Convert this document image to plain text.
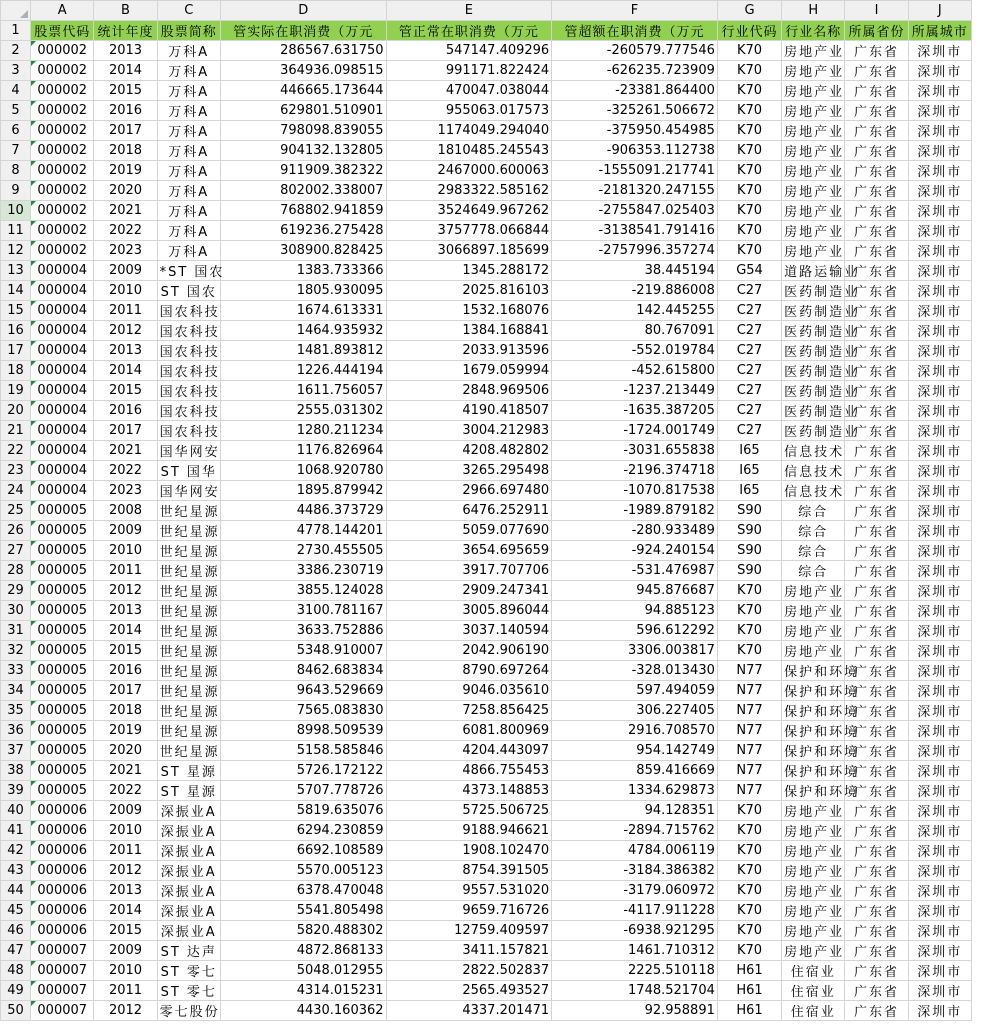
	A	B	C	D	E	F	G	H	I	J
1	股票代码	统计年度	股票简称	管实际在职消费（万元	管正常在职消费（万元	管超额在职消费（万元	行业代码	行业名称	所属省份	所属城市
2	000002	2013	万科A	286567.631750	547147.409296	-260579.777546	K70	房地产业	广东省	深圳市
3	000002	2014	万科A	364936.098515	991171.822424	-626235.723909	K70	房地产业	广东省	深圳市
4	000002	2015	万科A	446665.173644	470047.038044	-23381.864400	K70	房地产业	广东省	深圳市
5	000002	2016	万科A	629801.510901	955063.017573	-325261.506672	K70	房地产业	广东省	深圳市
6	000002	2017	万科A	798098.839055	1174049.294040	-375950.454985	K70	房地产业	广东省	深圳市
7	000002	2018	万科A	904132.132805	1810485.245543	-906353.112738	K70	房地产业	广东省	深圳市
8	000002	2019	万科A	911909.382322	2467000.600063	-1555091.217741	K70	房地产业	广东省	深圳市
9	000002	2020	万科A	802002.338007	2983322.585162	-2181320.247155	K70	房地产业	广东省	深圳市
10	000002	2021	万科A	768802.941859	3524649.967262	-2755847.025403	K70	房地产业	广东省	深圳市
11	000002	2022	万科A	619236.275428	3757778.066844	-3138541.791416	K70	房地产业	广东省	深圳市
12	000002	2023	万科A	308900.828425	3066897.185699	-2757996.357274	K70	房地产业	广东省	深圳市
13	000004	2009	*ST 国农	1383.733366	1345.288172	38.445194	G54	道路运输业	广东省	深圳市
14	000004	2010	ST 国农	1805.930095	2025.816103	-219.886008	C27	医药制造业	广东省	深圳市
15	000004	2011	国农科技	1674.613331	1532.168076	142.445255	C27	医药制造业	广东省	深圳市
16	000004	2012	国农科技	1464.935932	1384.168841	80.767091	C27	医药制造业	广东省	深圳市
17	000004	2013	国农科技	1481.893812	2033.913596	-552.019784	C27	医药制造业	广东省	深圳市
18	000004	2014	国农科技	1226.444194	1679.059994	-452.615800	C27	医药制造业	广东省	深圳市
19	000004	2015	国农科技	1611.756057	2848.969506	-1237.213449	C27	医药制造业	广东省	深圳市
20	000004	2016	国农科技	2555.031302	4190.418507	-1635.387205	C27	医药制造业	广东省	深圳市
21	000004	2017	国农科技	1280.211234	3004.212983	-1724.001749	C27	医药制造业	广东省	深圳市
22	000004	2021	国华网安	1176.826964	4208.482802	-3031.655838	I65	信息技术	广东省	深圳市
23	000004	2022	ST 国华	1068.920780	3265.295498	-2196.374718	I65	信息技术	广东省	深圳市
24	000004	2023	国华网安	1895.879942	2966.697480	-1070.817538	I65	信息技术	广东省	深圳市
25	000005	2008	世纪星源	4486.373729	6476.252911	-1989.879182	S90	综合	广东省	深圳市
26	000005	2009	世纪星源	4778.144201	5059.077690	-280.933489	S90	综合	广东省	深圳市
27	000005	2010	世纪星源	2730.455505	3654.695659	-924.240154	S90	综合	广东省	深圳市
28	000005	2011	世纪星源	3386.230719	3917.707706	-531.476987	S90	综合	广东省	深圳市
29	000005	2012	世纪星源	3855.124028	2909.247341	945.876687	K70	房地产业	广东省	深圳市
30	000005	2013	世纪星源	3100.781167	3005.896044	94.885123	K70	房地产业	广东省	深圳市
31	000005	2014	世纪星源	3633.752886	3037.140594	596.612292	K70	房地产业	广东省	深圳市
32	000005	2015	世纪星源	5348.910007	2042.906190	3306.003817	K70	房地产业	广东省	深圳市
33	000005	2016	世纪星源	8462.683834	8790.697264	-328.013430	N77	保护和环境	广东省	深圳市
34	000005	2017	世纪星源	9643.529669	9046.035610	597.494059	N77	保护和环境	广东省	深圳市
35	000005	2018	世纪星源	7565.083830	7258.856425	306.227405	N77	保护和环境	广东省	深圳市
36	000005	2019	世纪星源	8998.509539	6081.800969	2916.708570	N77	保护和环境	广东省	深圳市
37	000005	2020	世纪星源	5158.585846	4204.443097	954.142749	N77	保护和环境	广东省	深圳市
38	000005	2021	ST 星源	5726.172122	4866.755453	859.416669	N77	保护和环境	广东省	深圳市
39	000005	2022	ST 星源	5707.778726	4373.148853	1334.629873	N77	保护和环境	广东省	深圳市
40	000006	2009	深振业A	5819.635076	5725.506725	94.128351	K70	房地产业	广东省	深圳市
41	000006	2010	深振业A	6294.230859	9188.946621	-2894.715762	K70	房地产业	广东省	深圳市
42	000006	2011	深振业A	6692.108589	1908.102470	4784.006119	K70	房地产业	广东省	深圳市
43	000006	2012	深振业A	5570.005123	8754.391505	-3184.386382	K70	房地产业	广东省	深圳市
44	000006	2013	深振业A	6378.470048	9557.531020	-3179.060972	K70	房地产业	广东省	深圳市
45	000006	2014	深振业A	5541.805498	9659.716726	-4117.911228	K70	房地产业	广东省	深圳市
46	000006	2015	深振业A	5820.488302	12759.409597	-6938.921295	K70	房地产业	广东省	深圳市
47	000007	2009	ST 达声	4872.868133	3411.157821	1461.710312	K70	房地产业	广东省	深圳市
48	000007	2010	ST 零七	5048.012955	2822.502837	2225.510118	H61	住宿业	广东省	深圳市
49	000007	2011	ST 零七	4314.015231	2565.493527	1748.521704	H61	住宿业	广东省	深圳市
50	000007	2012	零七股份	4430.160362	4337.201471	92.958891	H61	住宿业	广东省	深圳市
